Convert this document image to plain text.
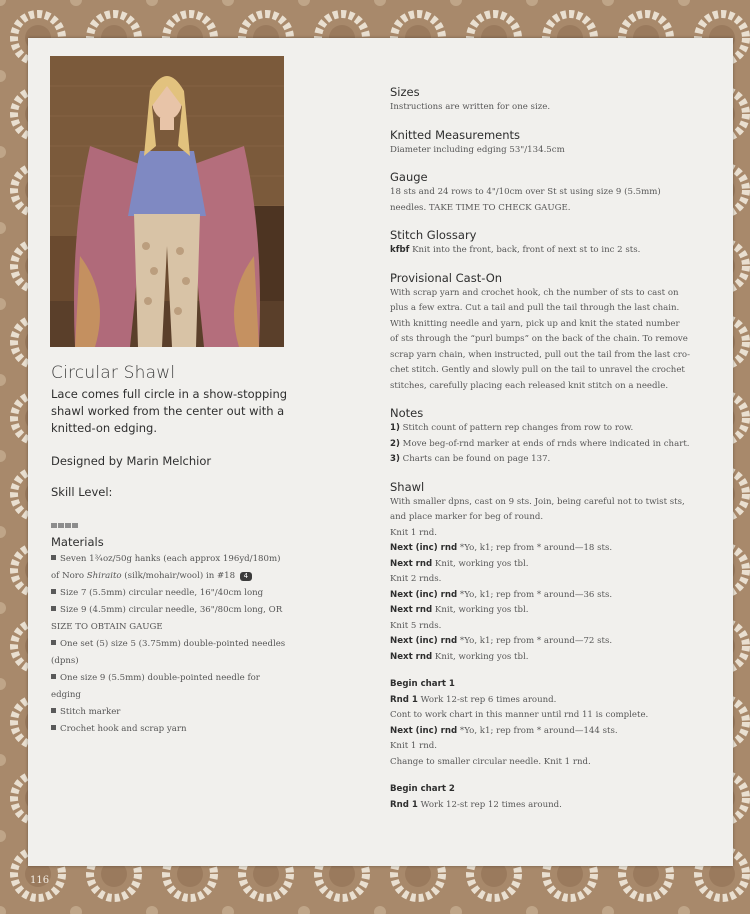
Circular Shawl

Lace comes full circle in a show-stopping shawl worked from the center out with a knitted-on edging.

Designed by Marin Melchior

Skill Level:

Materials

Seven 1¾oz/50g hanks (each approx 196yd/180m)
of Noro Shiraito (silk/mohair/wool) in #18 4
Size 7 (5.5mm) circular needle, 16"/40cm long
Size 9 (4.5mm) circular needle, 36"/80cm long, OR
SIZE TO OBTAIN GAUGE
One set (5) size 5 (3.75mm) double-pointed needles
(dpns)
One size 9 (5.5mm) double-pointed needle for
edging
Stitch marker
Crochet hook and scrap yarn

Sizes

Instructions are written for one size.

Knitted Measurements

Diameter including edging 53"/134.5cm

Gauge

18 sts and 24 rows to 4"/10cm over St st using size 9 (5.5mm)
needles. TAKE TIME TO CHECK GAUGE.

Stitch Glossary

kfbf Knit into the front, back, front of next st to inc 2 sts.

Provisional Cast-On

With scrap yarn and crochet hook, ch the number of sts to cast on
plus a few extra. Cut a tail and pull the tail through the last chain.
With knitting needle and yarn, pick up and knit the stated number
of sts through the “purl bumps” on the back of the chain. To remove
scrap yarn chain, when instructed, pull out the tail from the last cro-
chet stitch. Gently and slowly pull on the tail to unravel the crochet
stitches, carefully placing each released knit stitch on a needle.

Notes

1) Stitch count of pattern rep changes from row to row.
2) Move beg-of-rnd marker at ends of rnds where indicated in chart.
3) Charts can be found on page 137.

Shawl

With smaller dpns, cast on 9 sts. Join, being careful not to twist sts,
and place marker for beg of round.
Knit 1 rnd.
Next (inc) rnd *Yo, k1; rep from * around—18 sts.
Next rnd Knit, working yos tbl.
Knit 2 rnds.
Next (inc) rnd *Yo, k1; rep from * around—36 sts.
Next rnd Knit, working yos tbl.
Knit 5 rnds.
Next (inc) rnd *Yo, k1; rep from * around—72 sts.
Next rnd Knit, working yos tbl.
Begin chart 1
Rnd 1 Work 12-st rep 6 times around.
Cont to work chart in this manner until rnd 11 is complete.
Next (inc) rnd *Yo, k1; rep from * around—144 sts.
Knit 1 rnd.
Change to smaller circular needle. Knit 1 rnd.
Begin chart 2
Rnd 1 Work 12-st rep 12 times around.
116
